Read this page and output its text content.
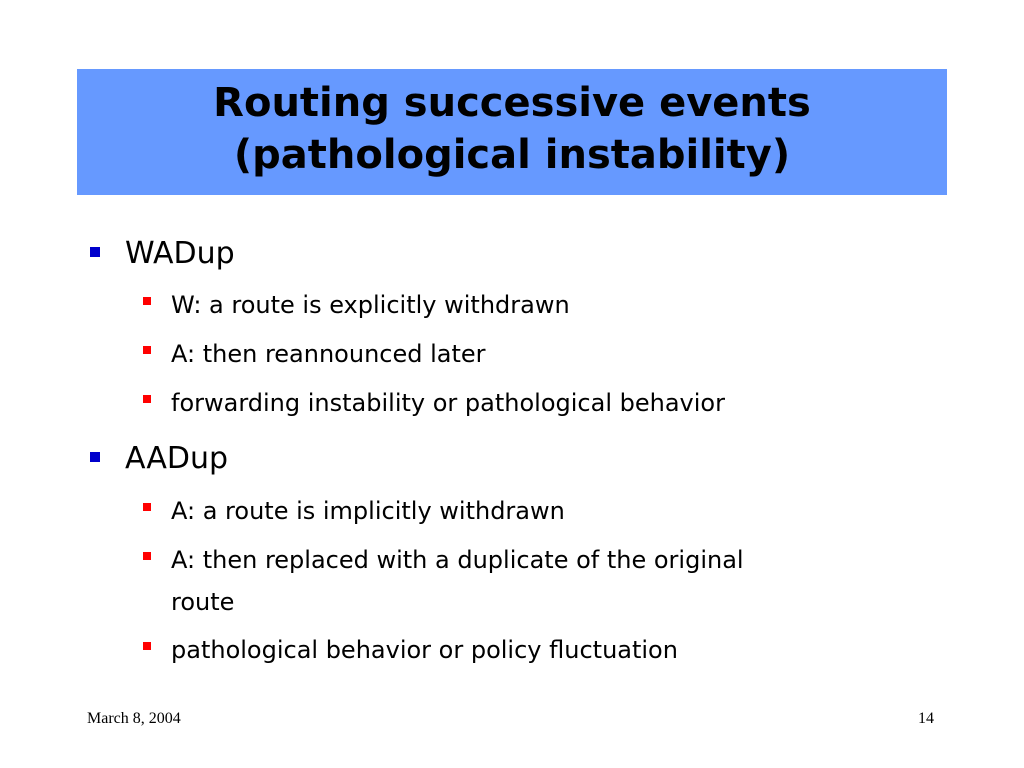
Routing successive events
(pathological instability)
WADup
W: a route is explicitly withdrawn
A: then reannounced later
forwarding instability or pathological behavior
AADup
A: a route is implicitly withdrawn
A: then replaced with a duplicate of the original
route
pathological behavior or policy fluctuation
March 8, 2004	14
